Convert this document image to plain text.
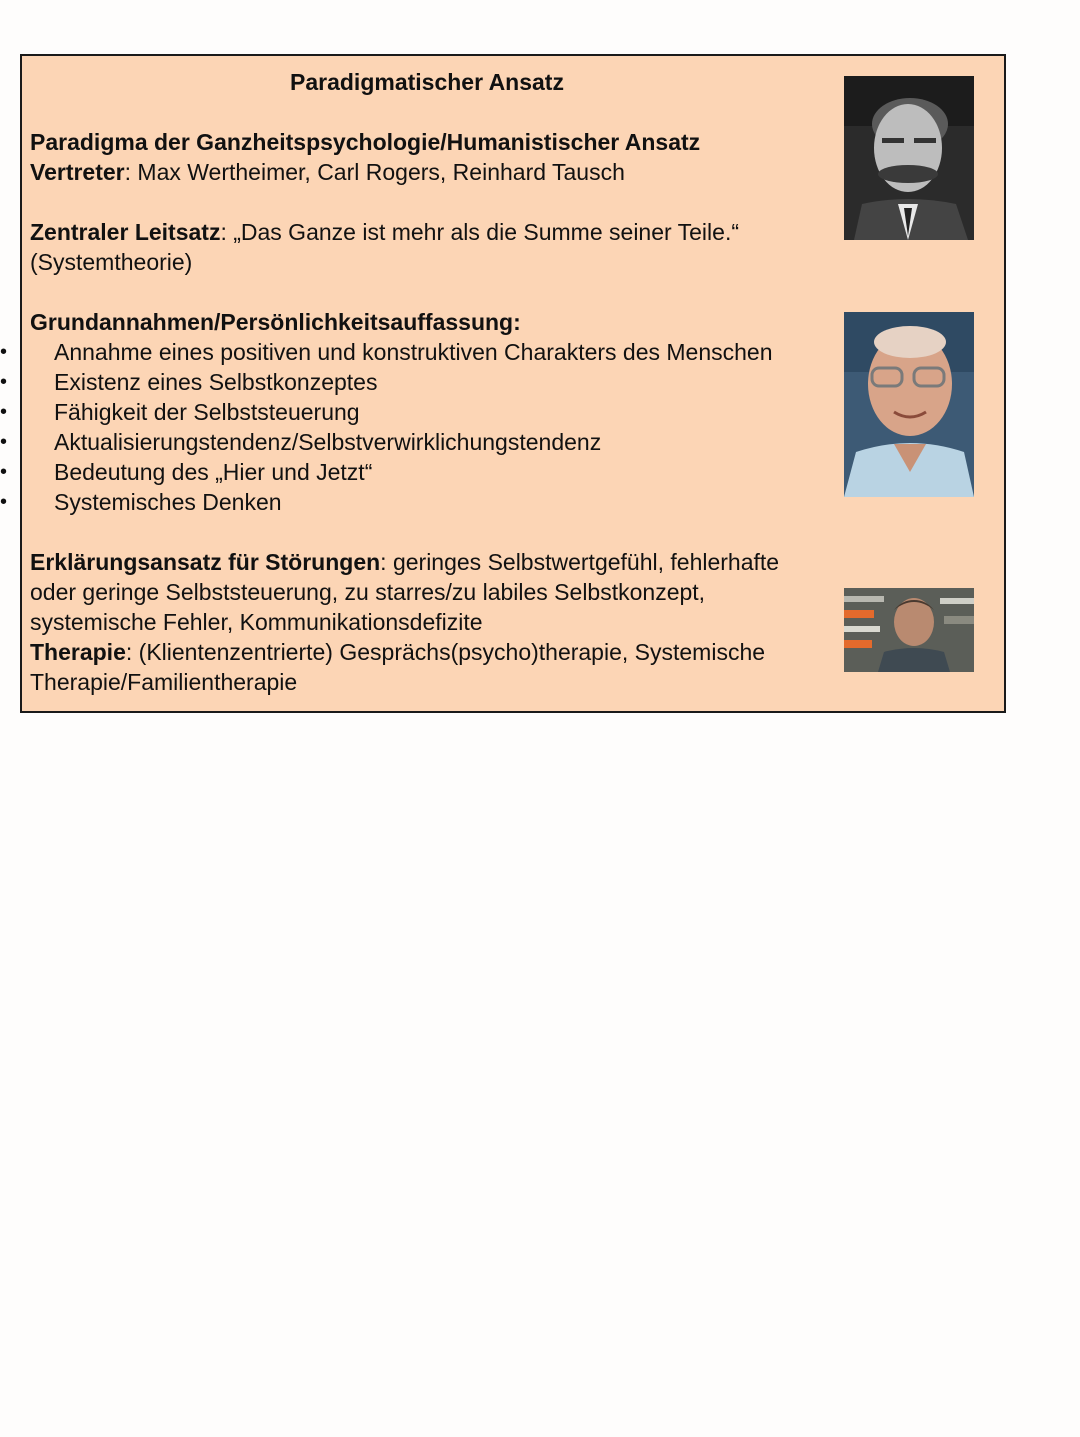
Paradigmatischer Ansatz
Paradigma der Ganzheitspsychologie/Humanistischer Ansatz
Vertreter: Max Wertheimer, Carl Rogers, Reinhard Tausch
Zentraler Leitsatz: „Das Ganze ist mehr als die Summe seiner Teile.“
(Systemtheorie)
Grundannahmen/Persönlichkeitsauffassung:
• Annahme eines positiven und konstruktiven Charakters des Menschen
• Existenz eines Selbstkonzeptes
• Fähigkeit der Selbststeuerung
• Aktualisierungstendenz/Selbstverwirklichungstendenz
• Bedeutung des „Hier und Jetzt“
• Systemisches Denken
Erklärungsansatz für Störungen: geringes Selbstwertgefühl, fehlerhafte
oder geringe Selbststeuerung, zu starres/zu labiles Selbstkonzept,
systemische Fehler, Kommunikationsdefizite
Therapie: (Klientenzentrierte) Gesprächs(psycho)therapie, Systemische
Therapie/Familientherapie
